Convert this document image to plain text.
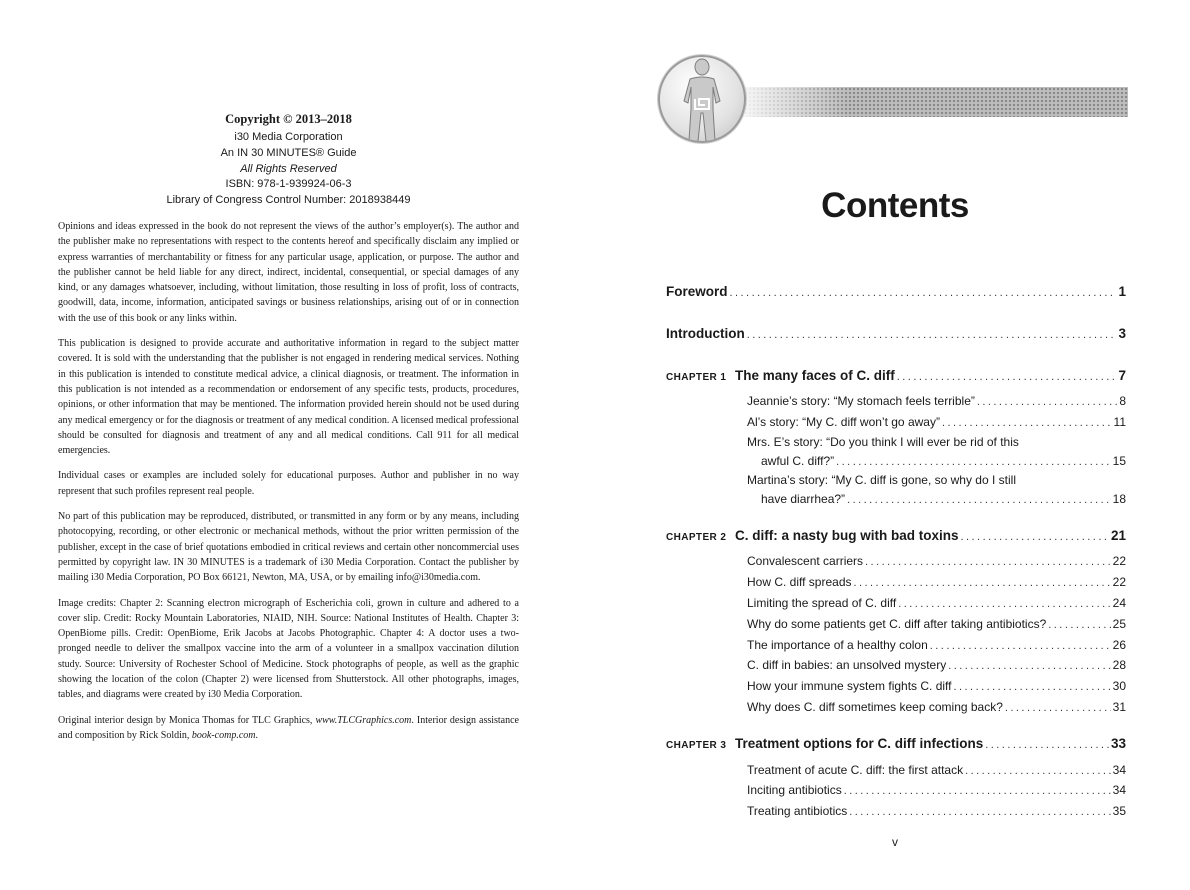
Copyright © 2013–2018
i30 Media Corporation
An IN 30 MINUTES® Guide
All Rights Reserved
ISBN: 978-1-939924-06-3
Library of Congress Control Number: 2018938449

Opinions and ideas expressed in the book do not represent the views of the author’s employer(s). The author and the publisher make no representations with respect to the contents hereof and specifically disclaim any implied or express warranties of merchantability or fitness for any particular usage, application, or purpose. The author and the publisher cannot be held liable for any direct, indirect, incidental, consequential, or special damages of any kind, or any damages whatsoever, including, without limitation, those resulting in loss of profit, loss of contracts, goodwill, data, income, information, anticipated savings or business relationships, arising out of or in connection with the use of this book or any links within.

This publication is designed to provide accurate and authoritative information in regard to the subject matter covered. It is sold with the understanding that the publisher is not engaged in rendering medical services. Nothing in this publication is intended to constitute medical advice, a clinical diagnosis, or treatment. The information in this publication is not intended as a recommendation or endorsement of any specific tests, products, procedures, opinions, or other information that may be mentioned. The information provided herein should not be used during any medical emergency or for the diagnosis or treatment of any medical condition. A licensed medical professional should be consulted for diagnosis and treatment of any and all medical conditions. Call 911 for all medical emergencies.

Individual cases or examples are included solely for educational purposes. Author and publisher in no way represent that such profiles represent real people.

No part of this publication may be reproduced, distributed, or transmitted in any form or by any means, including photocopying, recording, or other electronic or mechanical methods, without the prior written permission of the publisher, except in the case of brief quotations embodied in critical reviews and certain other noncommercial uses permitted by copyright law. IN 30 MINUTES is a trademark of i30 Media Corporation. Contact the publisher by mailing i30 Media Corporation, PO Box 66121, Newton, MA, USA, or by emailing info@i30media.com.

Image credits: Chapter 2: Scanning electron micrograph of Escherichia coli, grown in culture and adhered to a cover slip. Credit: Rocky Mountain Laboratories, NIAID, NIH. Source: National Institutes of Health. Chapter 3: OpenBiome pills. Credit: OpenBiome, Erik Jacobs at Jacobs Photographic. Chapter 4: A doctor uses a two-pronged needle to deliver the smallpox vaccine into the arm of a volunteer in a smallpox vaccination dilution study. Source: University of Rochester School of Medicine. Stock photographs of people, as well as the graphic showing the location of the colon (Chapter 2) were licensed from Shutterstock. All other photographs, images, tables, and diagrams were created by i30 Media Corporation.

Original interior design by Monica Thomas for TLC Graphics, www.TLCGraphics.com. Interior design assistance and composition by Rick Soldin, book-comp.com.

Contents
Foreword . . .	1
Introduction . . .	3
CHAPTER 1 The many faces of C. diff . . .	7
Jeannie’s story: “My stomach feels terrible” . . .	8
Al’s story: “My C. diff won’t go away” . . .	11
Mrs. E’s story: “Do you think I will ever be rid of this
awful C. diff?” . . .	15
Martina’s story: “My C. diff is gone, so why do I still
have diarrhea?” . . .	18
CHAPTER 2 C. diff: a nasty bug with bad toxins . . .	21
Convalescent carriers . . .	22
How C. diff spreads . . .	22
Limiting the spread of C. diff . . .	24
Why do some patients get C. diff after taking antibiotics? . . .	25
The importance of a healthy colon . . .	26
C. diff in babies: an unsolved mystery . . .	28
How your immune system fights C. diff . . .	30
Why does C. diff sometimes keep coming back? . . .	31
CHAPTER 3 Treatment options for C. diff infections . . .	33
Treatment of acute C. diff: the first attack . . .	34
Inciting antibiotics . . .	34
Treating antibiotics . . .	35
v
